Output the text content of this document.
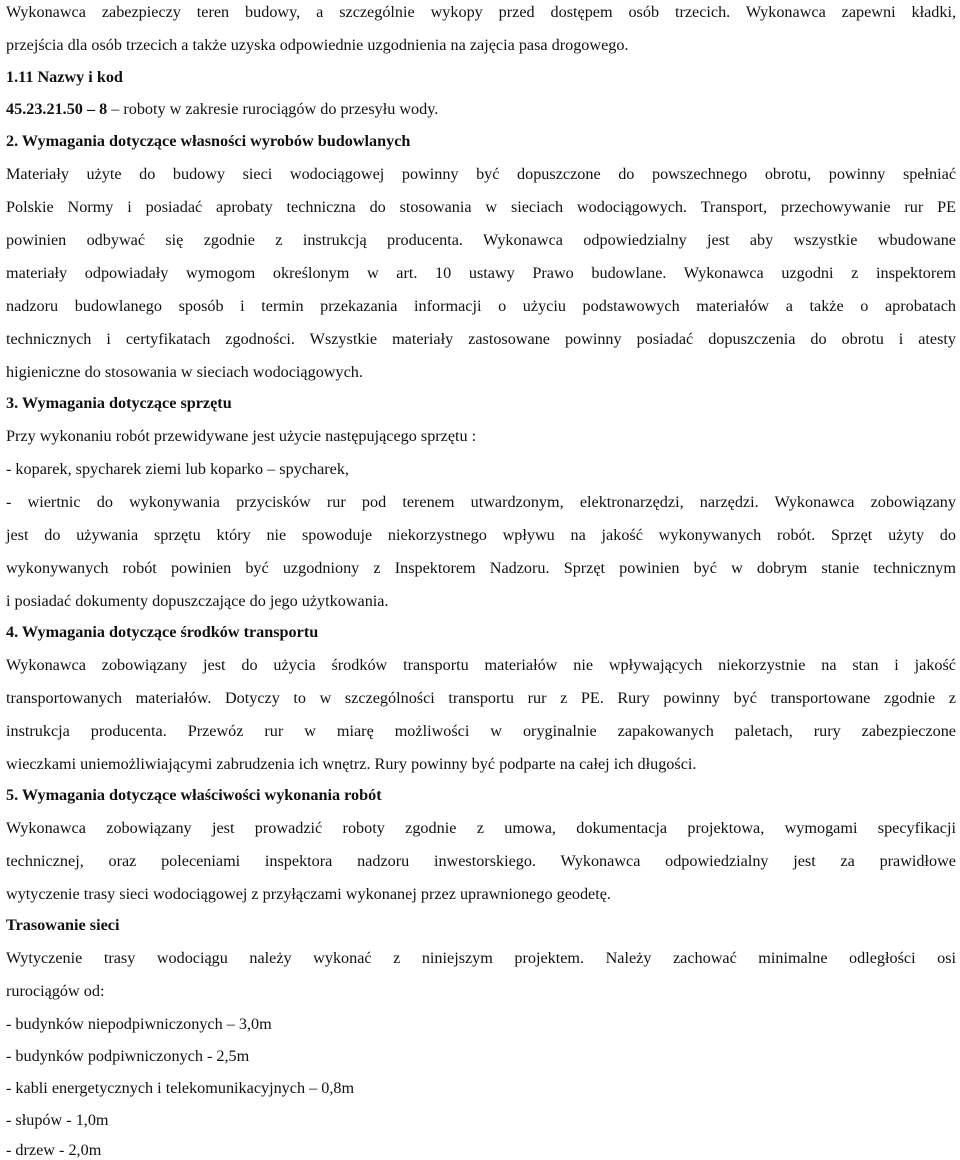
Wykonawca zabezpieczy teren budowy, a szczególnie wykopy przed dostępem osób trzecich. Wykonawca zapewni kładki,
przejścia dla osób trzecich a także uzyska odpowiednie uzgodnienia na zajęcia pasa drogowego.
1.11 Nazwy i kod
45.23.21.50 – 8 – roboty w zakresie rurociągów do przesyłu wody.
2. Wymagania dotyczące własności wyrobów budowlanych
Materiały użyte do budowy sieci wodociągowej powinny być dopuszczone do powszechnego obrotu, powinny spełniać
Polskie Normy i posiadać aprobaty techniczna do stosowania w sieciach wodociągowych. Transport, przechowywanie rur PE
powinien odbywać się zgodnie z instrukcją producenta. Wykonawca odpowiedzialny jest aby wszystkie wbudowane
materiały odpowiadały wymogom określonym w art. 10 ustawy Prawo budowlane. Wykonawca uzgodni z inspektorem
nadzoru budowlanego sposób i termin przekazania informacji o użyciu podstawowych materiałów a także o aprobatach
technicznych i certyfikatach zgodności. Wszystkie materiały zastosowane powinny posiadać dopuszczenia do obrotu i atesty
higieniczne do stosowania w sieciach wodociągowych.
3. Wymagania dotyczące sprzętu
Przy wykonaniu robót przewidywane jest użycie następującego sprzętu :
- koparek, spycharek ziemi lub koparko – spycharek,
- wiertnic do wykonywania przycisków rur pod terenem utwardzonym, elektronarzędzi, narzędzi. Wykonawca zobowiązany
jest do używania sprzętu który nie spowoduje niekorzystnego wpływu na jakość wykonywanych robót. Sprzęt użyty do
wykonywanych robót powinien być uzgodniony z Inspektorem Nadzoru. Sprzęt powinien być w dobrym stanie technicznym
i posiadać dokumenty dopuszczające do jego użytkowania.
4. Wymagania dotyczące środków transportu
Wykonawca zobowiązany jest do użycia środków transportu materiałów nie wpływających niekorzystnie na stan i jakość
transportowanych materiałów. Dotyczy to w szczególności transportu rur z PE. Rury powinny być transportowane zgodnie z
instrukcja producenta. Przewóz rur w miarę możliwości w oryginalnie zapakowanych paletach, rury zabezpieczone
wieczkami uniemożliwiającymi zabrudzenia ich wnętrz. Rury powinny być podparte na całej ich długości.
5. Wymagania dotyczące właściwości wykonania robót
Wykonawca zobowiązany jest prowadzić roboty zgodnie z umowa, dokumentacja projektowa, wymogami specyfikacji
technicznej, oraz poleceniami inspektora nadzoru inwestorskiego. Wykonawca odpowiedzialny jest za prawidłowe
wytyczenie trasy sieci wodociągowej z przyłączami wykonanej przez uprawnionego geodetę.
Trasowanie sieci
Wytyczenie trasy wodociągu należy wykonać z niniejszym projektem. Należy zachować minimalne odległości osi
rurociągów od:
- budynków niepodpiwniczonych – 3,0m
- budynków podpiwniczonych - 2,5m
- kabli energetycznych i telekomunikacyjnych – 0,8m
- słupów - 1,0m
- drzew - 2,0m
